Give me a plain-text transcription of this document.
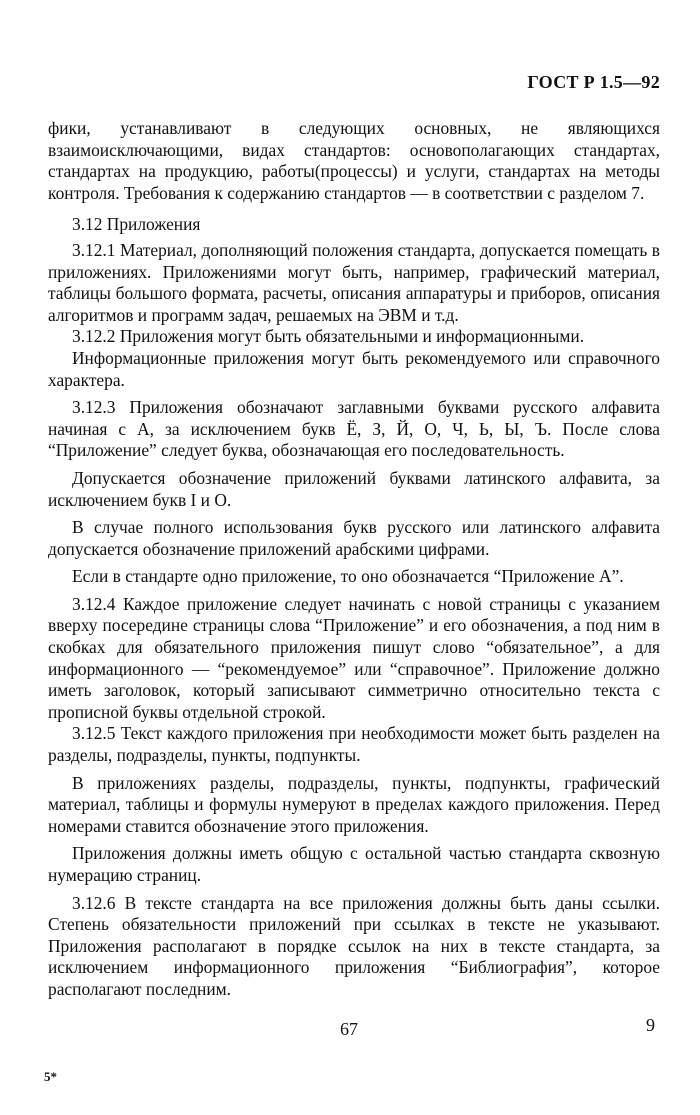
ГОСТ Р 1.5—92

фики, устанавливают в следующих основных, не являющихся взаимоисключающими, видах стандартов: основополагающих стандартах, стандартах на продукцию, работы(процессы) и услуги, стандартах на методы контроля. Требования к содержанию стандартов — в соответствии с разделом 7.

3.12 Приложения

3.12.1 Материал, дополняющий положения стандарта, допускается помещать в приложениях. Приложениями могут быть, например, графический материал, таблицы большого формата, расчеты, описания аппаратуры и приборов, описания алгоритмов и программ задач, решаемых на ЭВМ и т.д.

3.12.2 Приложения могут быть обязательными и информационными.

Информационные приложения могут быть рекомендуемого или справочного характера.

3.12.3 Приложения обозначают заглавными буквами русского алфавита начиная с А, за исключением букв Ё, З, Й, О, Ч, Ь, Ы, Ъ. После слова “Приложение” следует буква, обозначающая его последовательность.

Допускается обозначение приложений буквами латинского алфавита, за исключением букв I и O.

В случае полного использования букв русского или латинского алфавита допускается обозначение приложений арабскими цифрами.

Если в стандарте одно приложение, то оно обозначается “Приложение А”.

3.12.4 Каждое приложение следует начинать с новой страницы с указанием вверху посередине страницы слова “Приложение” и его обозначения, а под ним в скобках для обязательного приложения пишут слово “обязательное”, а для информационного — “рекомендуемое” или “справочное”. Приложение должно иметь заголовок, который записывают симметрично относительно текста с прописной буквы отдельной строкой.

3.12.5 Текст каждого приложения при необходимости может быть разделен на разделы, подразделы, пункты, подпункты.

В приложениях разделы, подразделы, пункты, подпункты, графический материал, таблицы и формулы нумеруют в пределах каждого приложения. Перед номерами ставится обозначение этого приложения.

Приложения должны иметь общую с остальной частью стандарта сквозную нумерацию страниц.

3.12.6 В тексте стандарта на все приложения должны быть даны ссылки. Степень обязательности приложений при ссылках в тексте не указывают. Приложения располагают в порядке ссылок на них в тексте стандарта, за исключением информационного приложения “Библиография”, которое располагают последним.

67	9
5*
